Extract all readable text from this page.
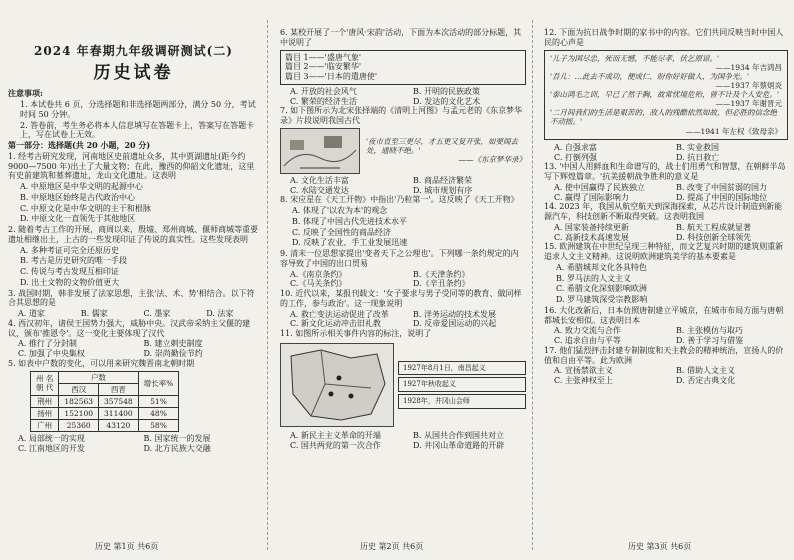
2024 年春期九年级调研测试(二)
历史试卷
注意事项:
1. 本试卷共 6 页，分选择题和非选择题两部分，满分 50 分，考试时间 50 分钟。
2. 答卷前，考生务必将本人信息填写在答题卡上，答案写在答题卡上，写在试卷上无效。
第一部分：选择题(共 20 小题，20 分)
1. 经考古研究发现，河南地区史前遗址众多，其中贾湖遗址(距今约 9000—7500 年)出土了大量文物；在此，豫西的仰韶文化遗址，这里有史前建筑和墓葬遗址，龙山文化遗址。这表明
A. 中原地区是中华文明的起源中心
B. 中原地区始终是古代政治中心
C. 中原文化是中华文明的主干和根脉
D. 中原文化一直领先于其他地区
2. 随着考古工作的开展，商周以来，殷墟、郑州商城、偃师商城等重要遗址相继出土，上古的一些发现印证了传说的真实性。这些发现表明
A. 多种考证可完全还原历史
B. 考古是历史研究的唯一手段
C. 传说与考古发现互相印证
D. 出土文物的文物价值更大
3. 战国时期，韩非发展了法家思想，主张'法、术、势'相结合。以下符合其思想的是
A. 道家	B. 儒家	C. 墨家	D. 法家
4. 西汉初年，诸侯王国势力强大，威胁中央。汉武帝采纳主父偃的建议，颁布'推恩令'。这一变化主要体现了汉代
A. 推行了分封制	B. 建立刺史制度
C. 加强了中央集权	D. 崇尚勤俭节约
5. 如表中户数的变化，可以用来研究魏晋南北朝时期
州 名
朝 代	户数		增长率%
	西汉	西晋	
荆州	182563	357548	51%
扬州	152100	311400	48%
广州	25360	43120	58%
A. 局部统一的实现	B. 国家统一的发展
C. 江南地区的开发	D. 北方民族大交融
历史 第1页 共6页
6. 某校开展了一个'唐风·宋韵'活动，下面为本次活动的部分标题，其中说明了
篇目 1——'盛唐气象'
篇目 2——'临安繁华'
篇目 3——'日本的遣唐使'
A. 开放的社会风气	B. 开明的民族政策
C. 繁荣的经济生活	D. 发达的文化艺术
7. 如下图所示为北宋张择端的《清明上河图》与孟元老的《东京梦华录》片段说明我国古代
'夜市直至三更尽，才五更又复开张，如要闹去处，通晓不绝。'
——《东京梦华录》
A. 文化生活丰富	B. 商品经济繁荣
C. 水陆交通发达	D. 城市规划有序
8. 宋应星在《天工开物》中指出'乃粒第一'。这反映了《天工开物》
A. 体现了'以农为本'的观念
B. 体现了中国古代先进技术水平
C. 反映了全国性的商品经济
D. 反映了农业、手工业发展迅速
9. 清末一位思想家提出'变者天下之公理也'。下列哪一条约规定的内容导致了中国的出口贸易
A.《南京条约》	B.《天津条约》
C.《马关条约》	D.《辛丑条约》
10. 近代以来，某报刊载文：'女子要求与男子受同等的教育、做同样的工作，参与政治'。这一现象说明
A. 救亡变法运动促进了改革	B. 洋务运动的技术发展
C. 新文化运动冲击旧礼教	D. 反帝爱国运动的兴起
11. 如图所示相关事件内容的标注，说明了
1927年8月1日，南昌起义
1927年秋收起义
1928年，井冈山会师
A. 新民主主义革命的开端	B. 从国共合作到国共对立
C. 国共两党的第一次合作	D. 井冈山革命道路的开辟
历史 第2页 共6页
12. 下面为抗日战争时期的家书中的内容。它们共同反映当时中国人民的心声是
'儿子为国尽忠，死而无憾，不能尽孝，伏乞原谅。'
——1934 年吉鸿昌
'吾儿：…此去不成功，便成仁，盼你好好做人，为国争光。'
——1937 年蔡炳炎
'泰山鸿毛之训，早已了然于胸，故常忧境危殆，曾不计及个人安危。'
——1937 年谢晋元
'二月间我们的生活是艰苦的，敌人的残酷依然如故，但必胜的信念绝不动摇。'
——1941 年左权《致母亲》
A. 自强求富	B. 实业救国
C. 打倒列强	D. 抗日救亡
13. '中国人用鲜血和生命谱写的，战士们用勇气和智慧，在朝鲜半岛写下辉煌篇章。'抗美援朝战争胜利的意义是
A. 使中国赢得了民族独立	B. 改变了中国贫弱的国力
C. 赢得了国际影响力	D. 提高了中国的国际地位
14. 2023 年，我国从航空航天到深海探索，从芯片设计制造到新能源汽车，科技创新不断取得突破。这表明我国
A. 国家装备持续更新	B. 航天工程成就显著
C. 高新技术高速发展	D. 科技创新全球领先
15. 欧洲建筑在中世纪呈现三种特征，而文艺复兴时期的建筑则重新追求人文主义精神。这说明欧洲建筑美学的基本要素是
A. 希腊城邦文化各具特色
B. 罗马法的人文主义
C. 希腊文化深刻影响欧洲
D. 罗马建筑深受宗教影响
16. 大化改新后，日本仿照唐制建立平城京，在城市布局方面与唐朝都城长安相似。这表明日本
A. 致力交流与合作	B. 主张模仿与取巧
C. 追求自由与平等	D. 善于学习与借鉴
17. 他们猛烈抨击封建专制制度和天主教会的精神统治，宣扬人的价值和自由平等。此为欧洲
A. 宣扬禁欲主义	B. 借助人文主义
C. 主张神权至上	D. 否定古典文化
历史 第3页 共6页
